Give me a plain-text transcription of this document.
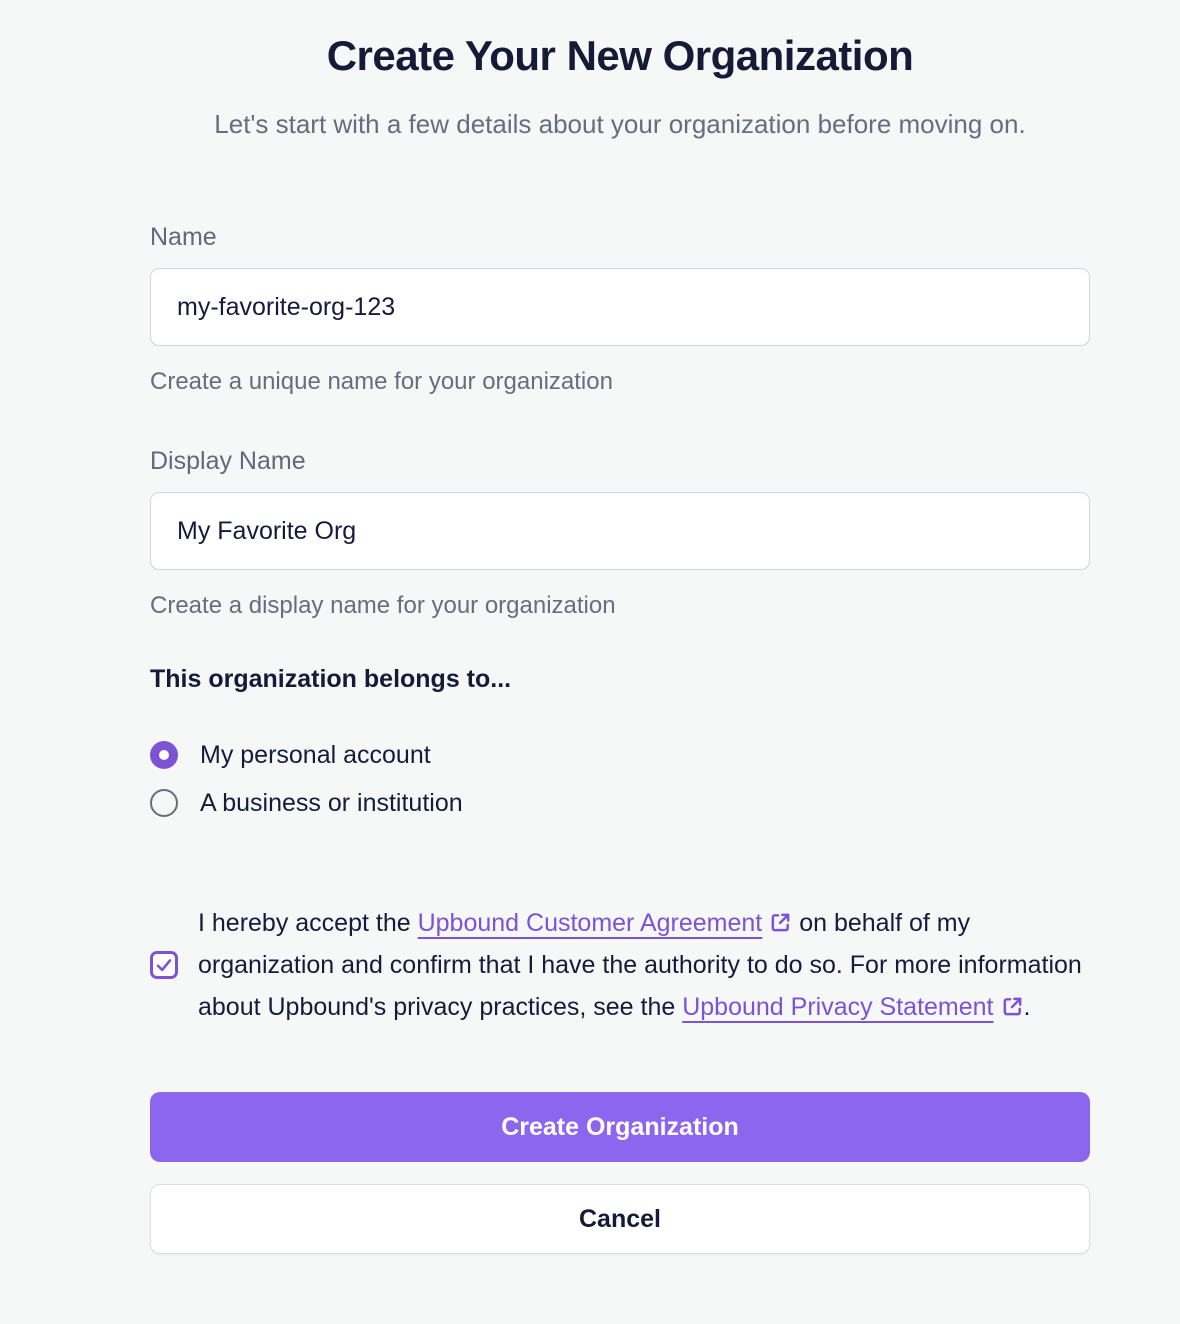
Create Your New Organization

Let's start with a few details about your organization before moving on.

Name
my-favorite-org-123
Create a unique name for your organization
Display Name
My Favorite Org
Create a display name for your organization
This organization belongs to...
My personal account
A business or institution

I hereby accept the Upbound Customer Agreement on behalf of my organization and confirm that I have the authority to do so. For more information about Upbound's privacy practices, see the Upbound Privacy Statement .

Create Organization
Cancel
